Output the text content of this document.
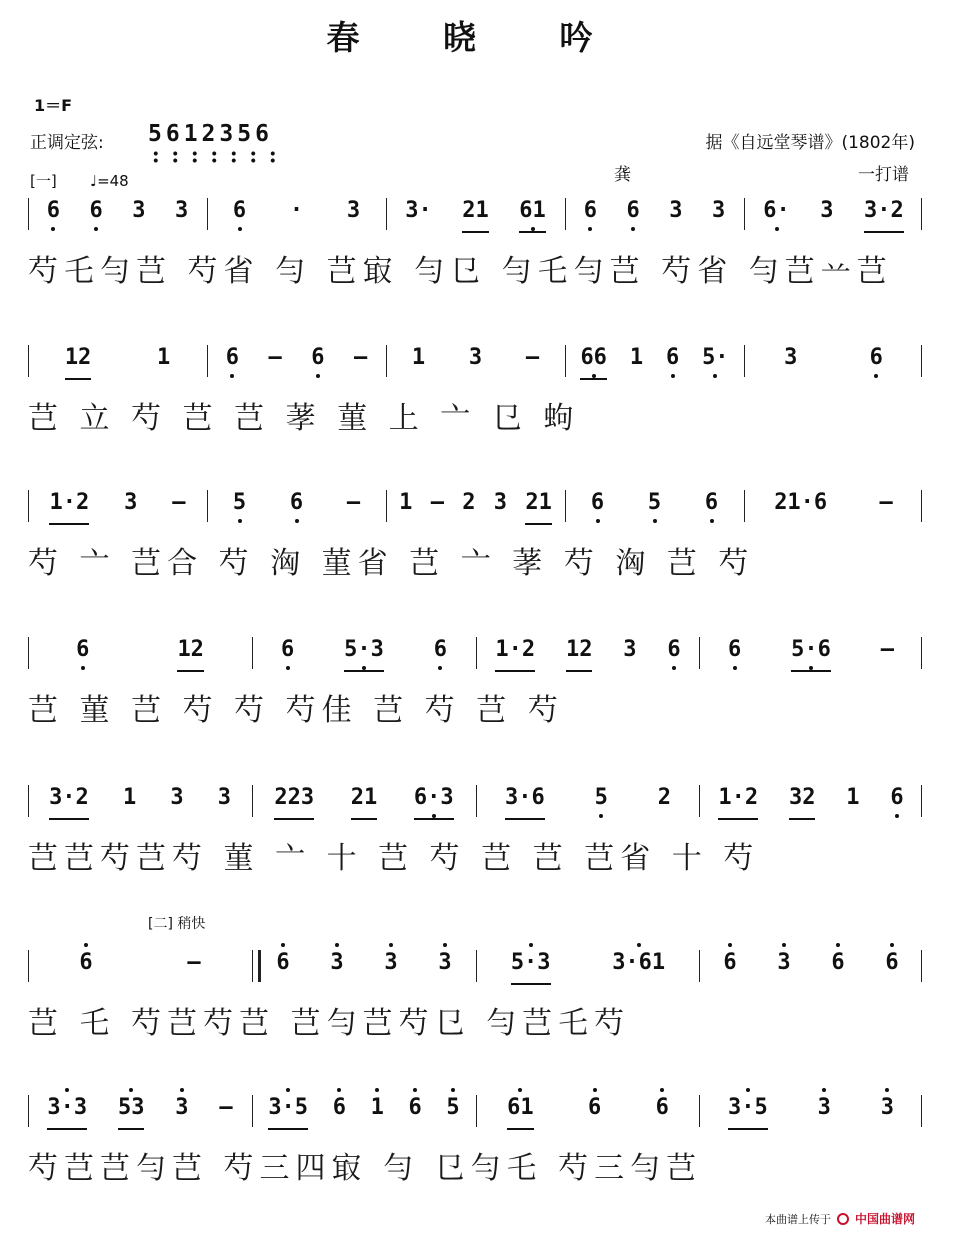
春 晓 吟
1＝F
正调定弦: 5612356	据《自远堂琴谱》(1802年)
龚	一打谱
[一] ♩=48
[二] 稍快
6 6 3 3 6 · 3 3· 21 61 6 6 3 3 6· 3 3·2
芍乇勻芑 芍省 勻 芑㝡 勻㔾 勻乇勻芑 芍省 勻芑䒑芑
12	1	6 — 6 — 1 3 — 66 1 6 5·	3	6
芑 立 芍 芑 芑 䓔 菫 上 亠 㔾 蚼
1·2 3 — 5 6 — 1 — 2 3 21 6 5 6	21·6 —
芍 亠 芑合 芍 洶 菫省 芑 亠 䓔 芍 洶 芑 芍
6	12	6 5·3 6 1·2 12 3 6 6 5·6 —
芑 菫 芑 芍 芍 芍佳 芑 芍 芑 芍
3·2 1 3 3 223 21 6·3 3·6 5 2 1·2 32 1 6
芑芑芍芑芍 菫 亠 十 芑 芍 芑 芑 芑省 十 芍
6	—	6 3 3 3	5·3	3·61	6 3 6 6
芑 乇 芍芑芍芑 芑勻芑芍㔾 勻芑乇芍
3·3 53 3 — 3·5 6 1 6 5 61 6 6	3·5 3 3
芍芑芑勻芑 芍三四㝡 勻 㔾勻乇 芍三勻芑
本曲谱上传于 中国曲谱网
